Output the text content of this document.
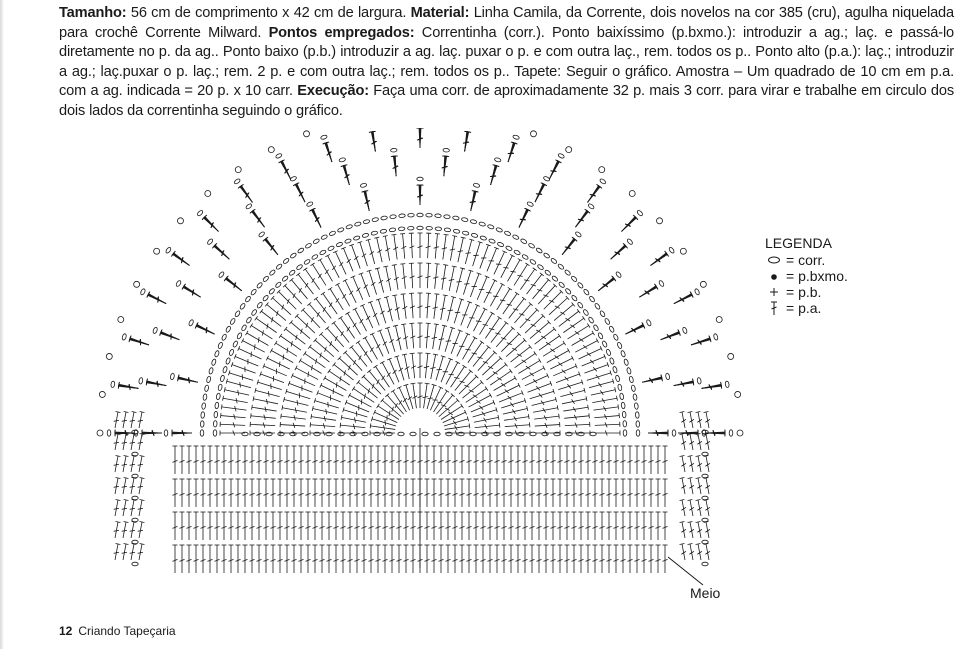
Tamanho: 56 cm de comprimento x 42 cm de largura. Material: Linha Camila, da Corrente, dois novelos na cor 385 (cru), agulha niquelada para crochê Corrente Milward. Pontos empregados: Correntinha (corr.). Ponto baixíssimo (p.bxmo.): introduzir a ag.; laç. e passá-lo diretamente no p. da ag.. Ponto baixo (p.b.) introduzir a ag. laç. puxar o p. e com outra laç., rem. todos os p.. Ponto alto (p.a.): laç.; introduzir a ag.; laç.puxar o p. laç.; rem. 2 p. e com outra laç.; rem. todos os p.. Tapete: Seguir o gráfico. Amostra – Um quadrado de 10 cm em p.a. com a ag. indicada = 20 p. x 10 carr. Execução: Faça uma corr. de aproximadamente 32 p. mais 3 corr. para virar e trabalhe em circulo dos dois lados da correntinha seguindo o gráfico.
Meio
LEGENDA
= corr.
= p.bxmo.
= p.b.
= p.a.
12 Criando Tapeçaria
